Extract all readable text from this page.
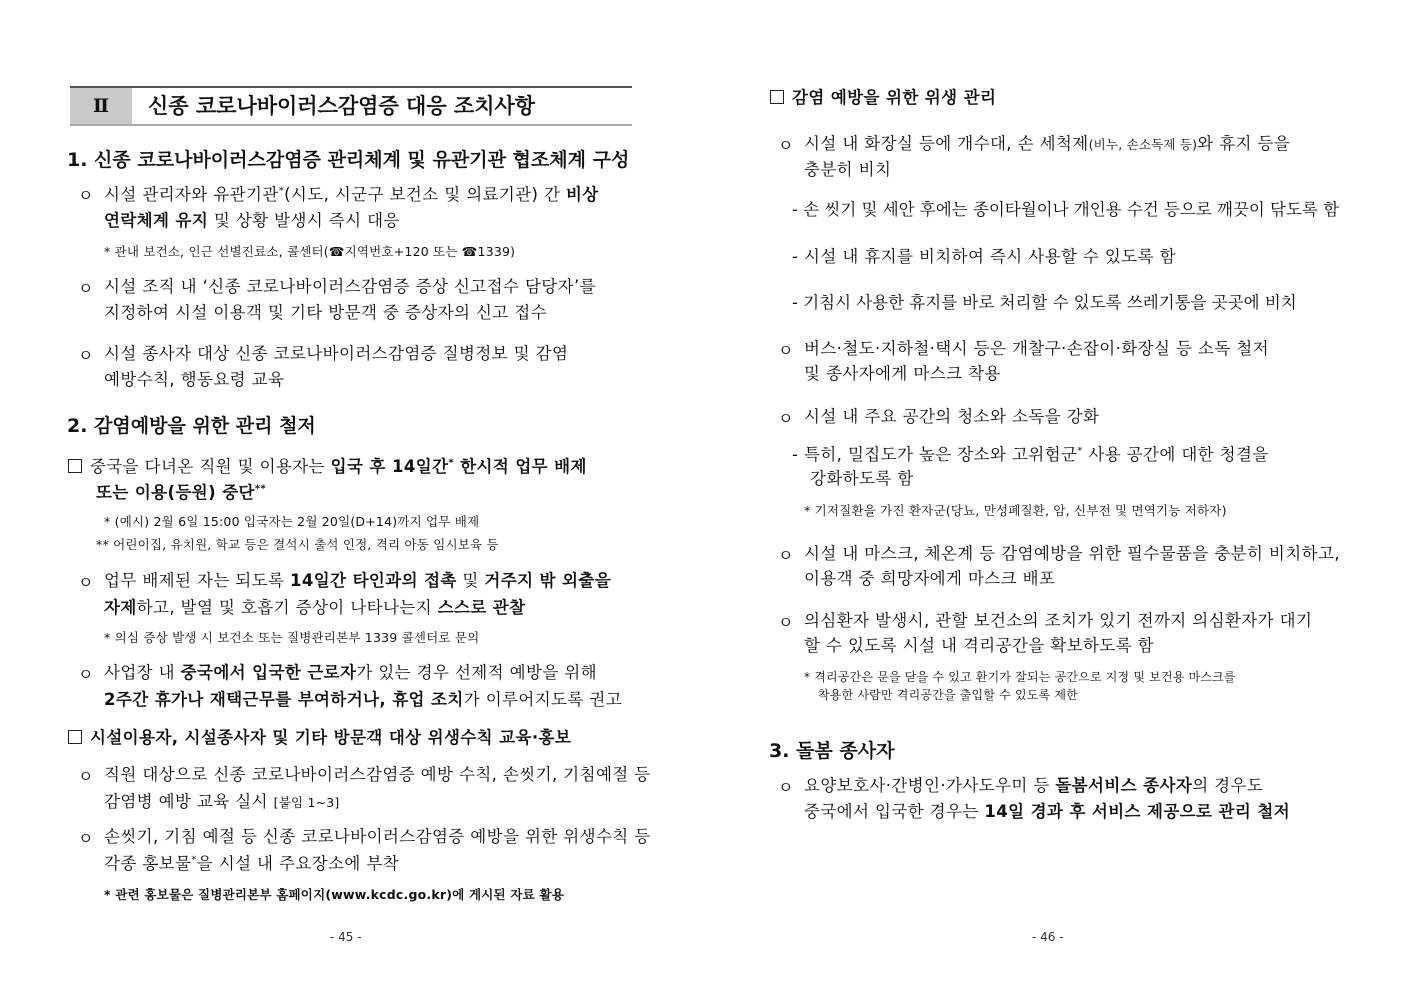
Ⅱ	신종 코로나바이러스감염증 대응 조치사항
1. 신종 코로나바이러스감염증 관리체계 및 유관기관 협조체계 구성
ㅇ 시설 관리자와 유관기관*(시도, 시군구 보건소 및 의료기관) 간 비상
연락체계 유지 및 상황 발생시 즉시 대응
* 관내 보건소, 인근 선별진료소, 콜센터(☎지역번호+120 또는 ☎1339)
ㅇ 시설 조직 내 ‘신종 코로나바이러스감염증 증상 신고접수 담당자’를
지정하여 시설 이용객 및 기타 방문객 중 증상자의 신고 접수
ㅇ 시설 종사자 대상 신종 코로나바이러스감염증 질병정보 및 감염
예방수칙, 행동요령 교육
2. 감염예방을 위한 관리 철저
중국을 다녀온 직원 및 이용자는 입국 후 14일간* 한시적 업무 배제
또는 이용(등원) 중단**
* (예시) 2월 6일 15:00 입국자는 2월 20일(D+14)까지 업무 배제
** 어린이집, 유치원, 학교 등은 결석시 출석 인정, 격리 아동 임시보육 등
ㅇ 업무 배제된 자는 되도록 14일간 타인과의 접촉 및 거주지 밖 외출을
자제하고, 발열 및 호흡기 증상이 나타나는지 스스로 관찰
* 의심 증상 발생 시 보건소 또는 질병관리본부 1339 콜센터로 문의
ㅇ 사업장 내 중국에서 입국한 근로자가 있는 경우 선제적 예방을 위해
2주간 휴가나 재택근무를 부여하거나, 휴업 조치가 이루어지도록 권고
시설이용자, 시설종사자 및 기타 방문객 대상 위생수칙 교육·홍보
ㅇ 직원 대상으로 신종 코로나바이러스감염증 예방 수칙, 손씻기, 기침예절 등
감염병 예방 교육 실시 [붙임 1~3]
ㅇ 손씻기, 기침 예절 등 신종 코로나바이러스감염증 예방을 위한 위생수칙 등
각종 홍보물*을 시설 내 주요장소에 부착
* 관련 홍보물은 질병관리본부 홈페이지(www.kcdc.go.kr)에 게시된 자료 활용
- 45 -
감염 예방을 위한 위생 관리
ㅇ 시설 내 화장실 등에 개수대, 손 세척제(비누, 손소독제 등)와 휴지 등을
충분히 비치
- 손 씻기 및 세안 후에는 종이타월이나 개인용 수건 등으로 깨끗이 닦도록 함
- 시설 내 휴지를 비치하여 즉시 사용할 수 있도록 함
- 기침시 사용한 휴지를 바로 처리할 수 있도록 쓰레기통을 곳곳에 비치
ㅇ 버스·철도·지하철·택시 등은 개찰구·손잡이·화장실 등 소독 철저
및 종사자에게 마스크 착용
ㅇ 시설 내 주요 공간의 청소와 소독을 강화
- 특히, 밀집도가 높은 장소와 고위험군* 사용 공간에 대한 청결을
강화하도록 함
* 기저질환을 가진 환자군(당뇨, 만성폐질환, 암, 신부전 및 면역기능 저하자)
ㅇ 시설 내 마스크, 체온계 등 감염예방을 위한 필수물품을 충분히 비치하고,
이용객 중 희망자에게 마스크 배포
ㅇ 의심환자 발생시, 관할 보건소의 조치가 있기 전까지 의심환자가 대기
할 수 있도록 시설 내 격리공간을 확보하도록 함
* 격리공간은 문을 닫을 수 있고 환기가 잘되는 공간으로 지정 및 보건용 마스크를
착용한 사람만 격리공간을 출입할 수 있도록 제한
3. 돌봄 종사자
ㅇ 요양보호사·간병인·가사도우미 등 돌봄서비스 종사자의 경우도
중국에서 입국한 경우는 14일 경과 후 서비스 제공으로 관리 철저
- 46 -
